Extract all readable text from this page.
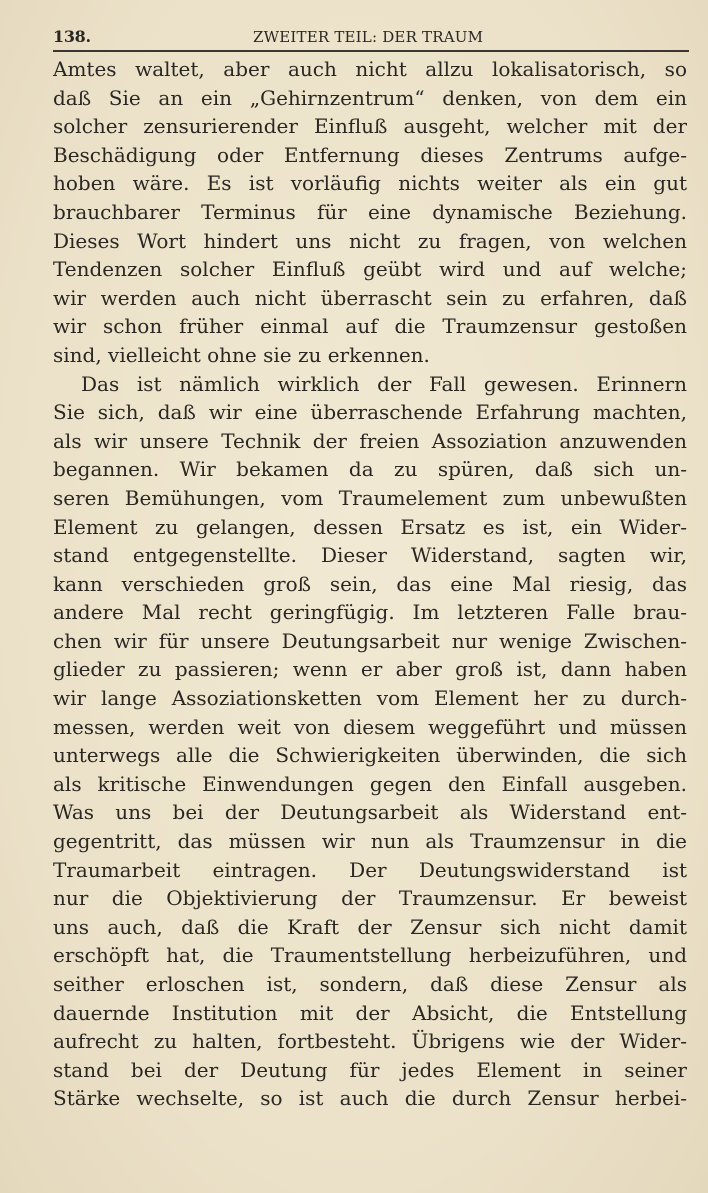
138.	ZWEITER TEIL: DER TRAUM
Amtes waltet, aber auch nicht allzu lokalisatorisch, so
daß Sie an ein „Gehirnzentrum“ denken, von dem ein
solcher zensurierender Einfluß ausgeht, welcher mit der
Beschädigung oder Entfernung dieses Zentrums aufge-
hoben wäre. Es ist vorläufig nichts weiter als ein gut
brauchbarer Terminus für eine dynamische Beziehung.
Dieses Wort hindert uns nicht zu fragen, von welchen
Tendenzen solcher Einfluß geübt wird und auf welche;
wir werden auch nicht überrascht sein zu erfahren, daß
wir schon früher einmal auf die Traumzensur gestoßen
sind, vielleicht ohne sie zu erkennen.
Das ist nämlich wirklich der Fall gewesen. Erinnern
Sie sich, daß wir eine überraschende Erfahrung machten,
als wir unsere Technik der freien Assoziation anzuwenden
begannen. Wir bekamen da zu spüren, daß sich un-
seren Bemühungen, vom Traumelement zum unbewußten
Element zu gelangen, dessen Ersatz es ist, ein Wider-
stand entgegenstellte. Dieser Widerstand, sagten wir,
kann verschieden groß sein, das eine Mal riesig, das
andere Mal recht geringfügig. Im letzteren Falle brau-
chen wir für unsere Deutungsarbeit nur wenige Zwischen-
glieder zu passieren; wenn er aber groß ist, dann haben
wir lange Assoziationsketten vom Element her zu durch-
messen, werden weit von diesem weggeführt und müssen
unterwegs alle die Schwierigkeiten überwinden, die sich
als kritische Einwendungen gegen den Einfall ausgeben.
Was uns bei der Deutungsarbeit als Widerstand ent-
gegentritt, das müssen wir nun als Traumzensur in die
Traumarbeit eintragen. Der Deutungswiderstand ist
nur die Objektivierung der Traumzensur. Er beweist
uns auch, daß die Kraft der Zensur sich nicht damit
erschöpft hat, die Traumentstellung herbeizuführen, und
seither erloschen ist, sondern, daß diese Zensur als
dauernde Institution mit der Absicht, die Entstellung
aufrecht zu halten, fortbesteht. Übrigens wie der Wider-
stand bei der Deutung für jedes Element in seiner
Stärke wechselte, so ist auch die durch Zensur herbei-
